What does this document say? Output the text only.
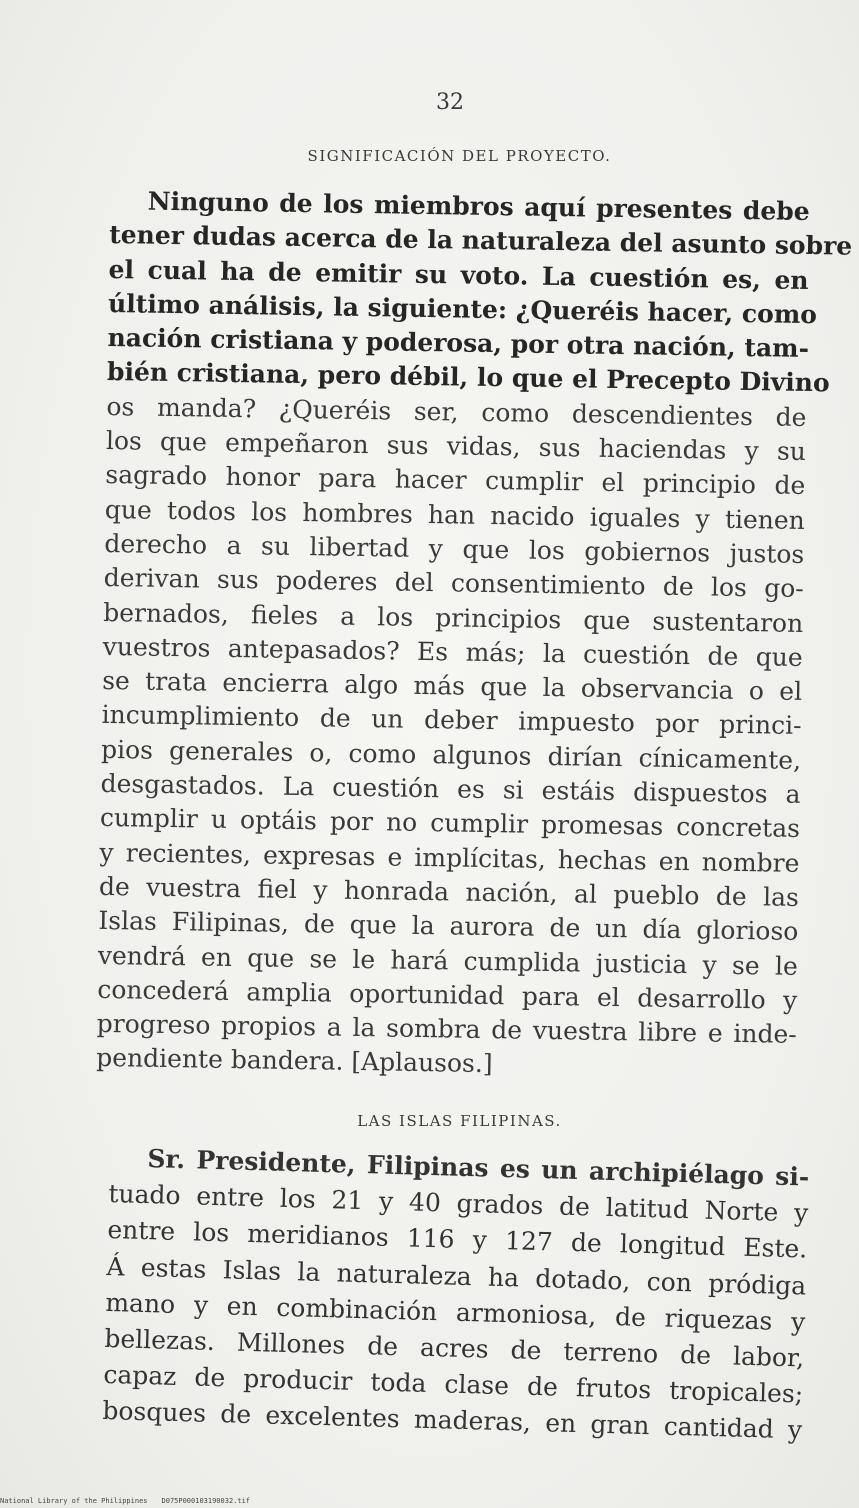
32
SIGNIFICACIÓN DEL PROYECTO.

Ninguno de los miembros aquí presentes debe
tener dudas acerca de la naturaleza del asunto sobre
el cual ha de emitir su voto. La cuestión es, en
último análisis, la siguiente: ¿Queréis hacer, como
nación cristiana y poderosa, por otra nación, tam-
bién cristiana, pero débil, lo que el Precepto Divino
os manda? ¿Queréis ser, como descendientes de
los que empeñaron sus vidas, sus haciendas y su
sagrado honor para hacer cumplir el principio de
que todos los hombres han nacido iguales y tienen
derecho a su libertad y que los gobiernos justos
derivan sus poderes del consentimiento de los go-
bernados, fieles a los principios que sustentaron
vuestros antepasados? Es más; la cuestión de que
se trata encierra algo más que la observancia o el
incumplimiento de un deber impuesto por princi-
pios generales o, como algunos dirían cínicamente,
desgastados. La cuestión es si estáis dispuestos a
cumplir u optáis por no cumplir promesas concretas
y recientes, expresas e implícitas, hechas en nombre
de vuestra fiel y honrada nación, al pueblo de las
Islas Filipinas, de que la aurora de un día glorioso
vendrá en que se le hará cumplida justicia y se le
concederá amplia oportunidad para el desarrollo y
progreso propios a la sombra de vuestra libre e inde-
pendiente bandera. [Aplausos.]

LAS ISLAS FILIPINAS.

Sr. Presidente, Filipinas es un archipiélago si-
tuado entre los 21 y 40 grados de latitud Norte y
entre los meridianos 116 y 127 de longitud Este.
Á estas Islas la naturaleza ha dotado, con pródiga
mano y en combinación armoniosa, de riquezas y
bellezas. Millones de acres de terreno de labor,
capaz de producir toda clase de frutos tropicales;
bosques de excelentes maderas, en gran cantidad y

National Library of the Philippines D075P000103190032.tif
